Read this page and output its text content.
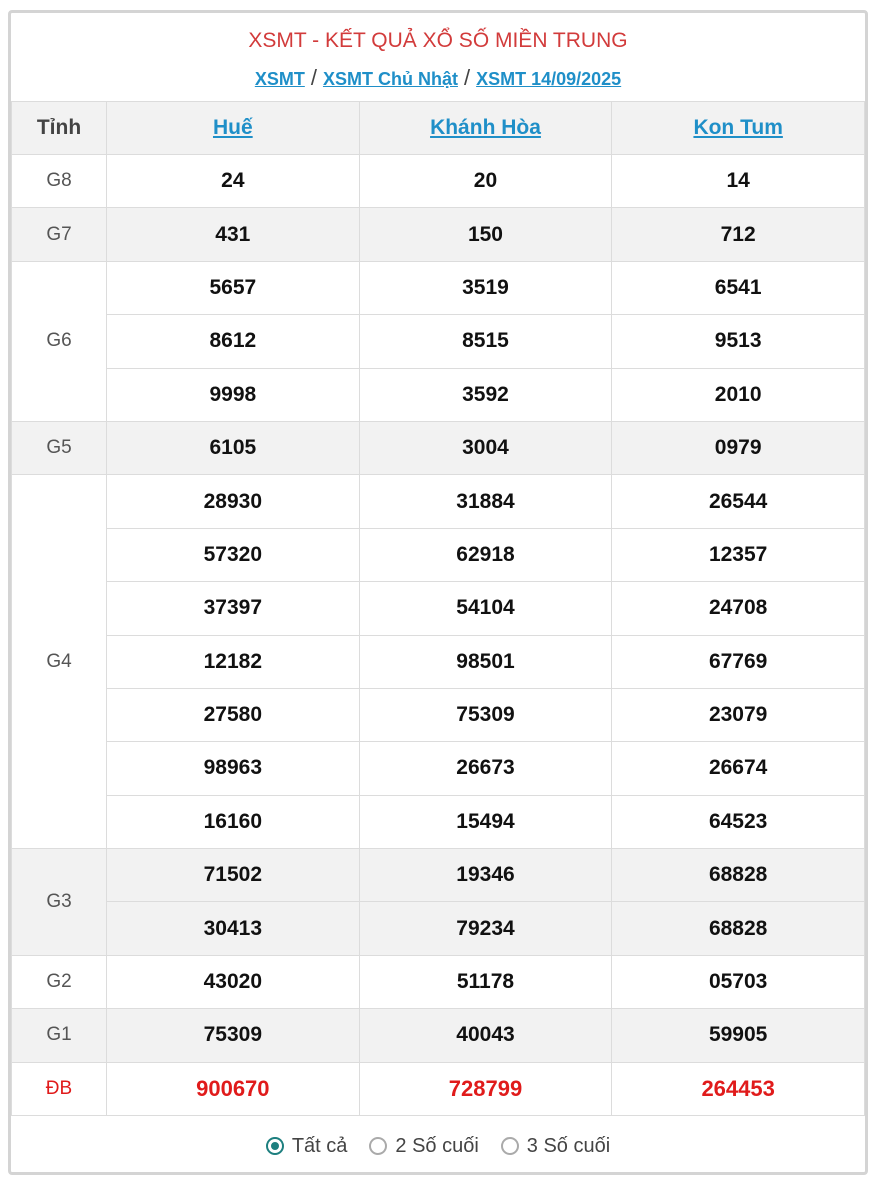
XSMT - KẾT QUẢ XỔ SỐ MIỀN TRUNG
XSMT / XSMT Chủ Nhật / XSMT 14/09/2025
Tỉnh	Huế	Khánh Hòa	Kon Tum
G8	24	20	14
G7	431	150	712
G6	5657	3519	6541
	8612	8515	9513
	9998	3592	2010
G5	6105	3004	0979
G4	28930	31884	26544
	57320	62918	12357
	37397	54104	24708
	12182	98501	67769
	27580	75309	23079
	98963	26673	26674
	16160	15494	64523
G3	71502	19346	68828
	30413	79234	68828
G2	43020	51178	05703
G1	75309	40043	59905
ĐB	900670	728799	264453
Tất cả 2 Số cuối 3 Số cuối
